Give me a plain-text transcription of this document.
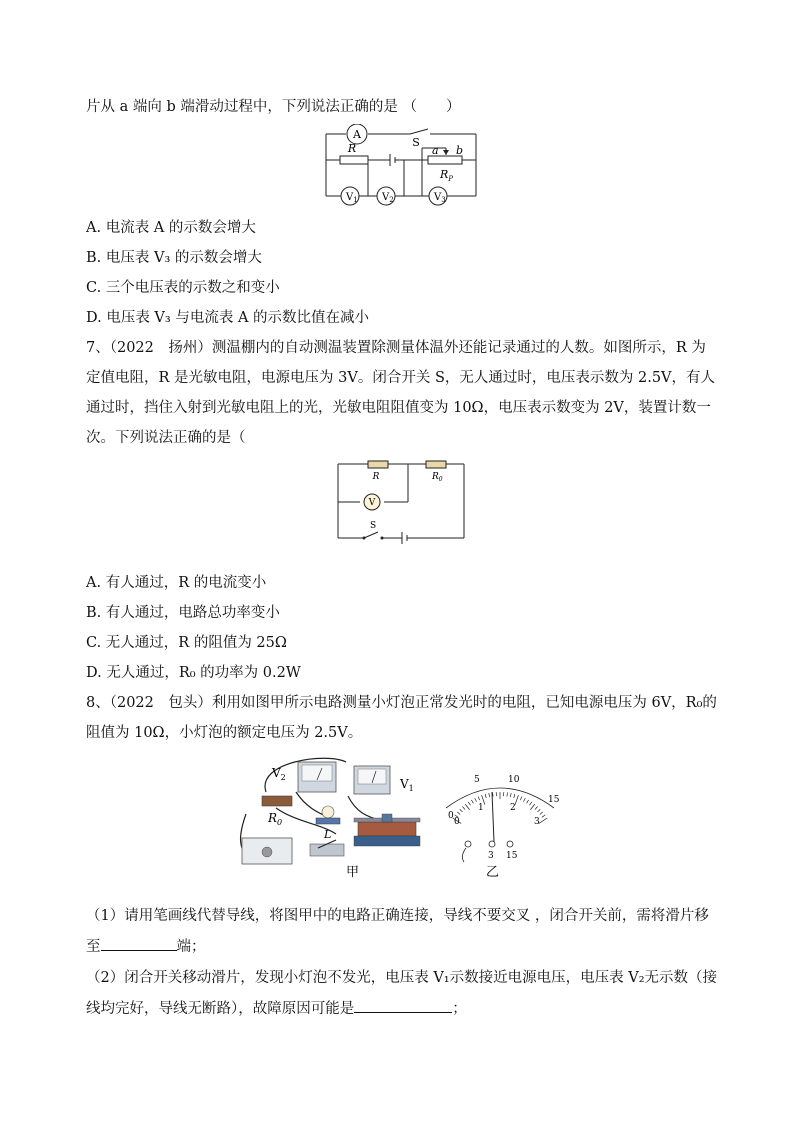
片从 a 端向 b 端滑动过程中，下列说法正确的是 （　　）
A
S
R	a b
$R_P$
$V_1$ $V_2$	$V_3$
A. 电流表 A 的示数会增大
B. 电压表 V₃ 的示数会增大
C. 三个电压表的示数之和变小
D. 电压表 V₃ 与电流表 A 的示数比值在减小
7、（2022　扬州）测温棚内的自动测温装置除测量体温外还能记录通过的人数。如图所示，R 为
定值电阻，R 是光敏电阻，电源电压为 3V。闭合开关 S，无人通过时，电压表示数为 2.5V，有人
通过时，挡住入射到光敏电阻上的光，光敏电阻阻值变为 10Ω，电压表示数变为 2V，装置计数一
次。下列说法正确的是（
R	$R_0$
V
S
A. 有人通过，R 的电流变小
B. 有人通过，电路总功率变小
C. 无人通过，R 的阻值为 25Ω
D. 无人通过，R₀ 的功率为 0.2W
8、（2022　包头）利用如图甲所示电路测量小灯泡正常发光时的电阻，已知电源电压为 6V，R₀的
阻值为 10Ω，小灯泡的额定电压为 2.5V。
$V_2$	$V_1$
$R_0$
L
甲
0
5	10
15
0
1	2
3
3 15
乙
（1）请用笔画线代替导线，将图甲中的电路正确连接，导线不要交叉 ，闭合开关前，需将滑片移
至	端；
（2）闭合开关移动滑片，发现小灯泡不发光，电压表 V₁示数接近电源电压，电压表 V₂无示数（接
线均完好，导线无断路），故障原因可能是	；
